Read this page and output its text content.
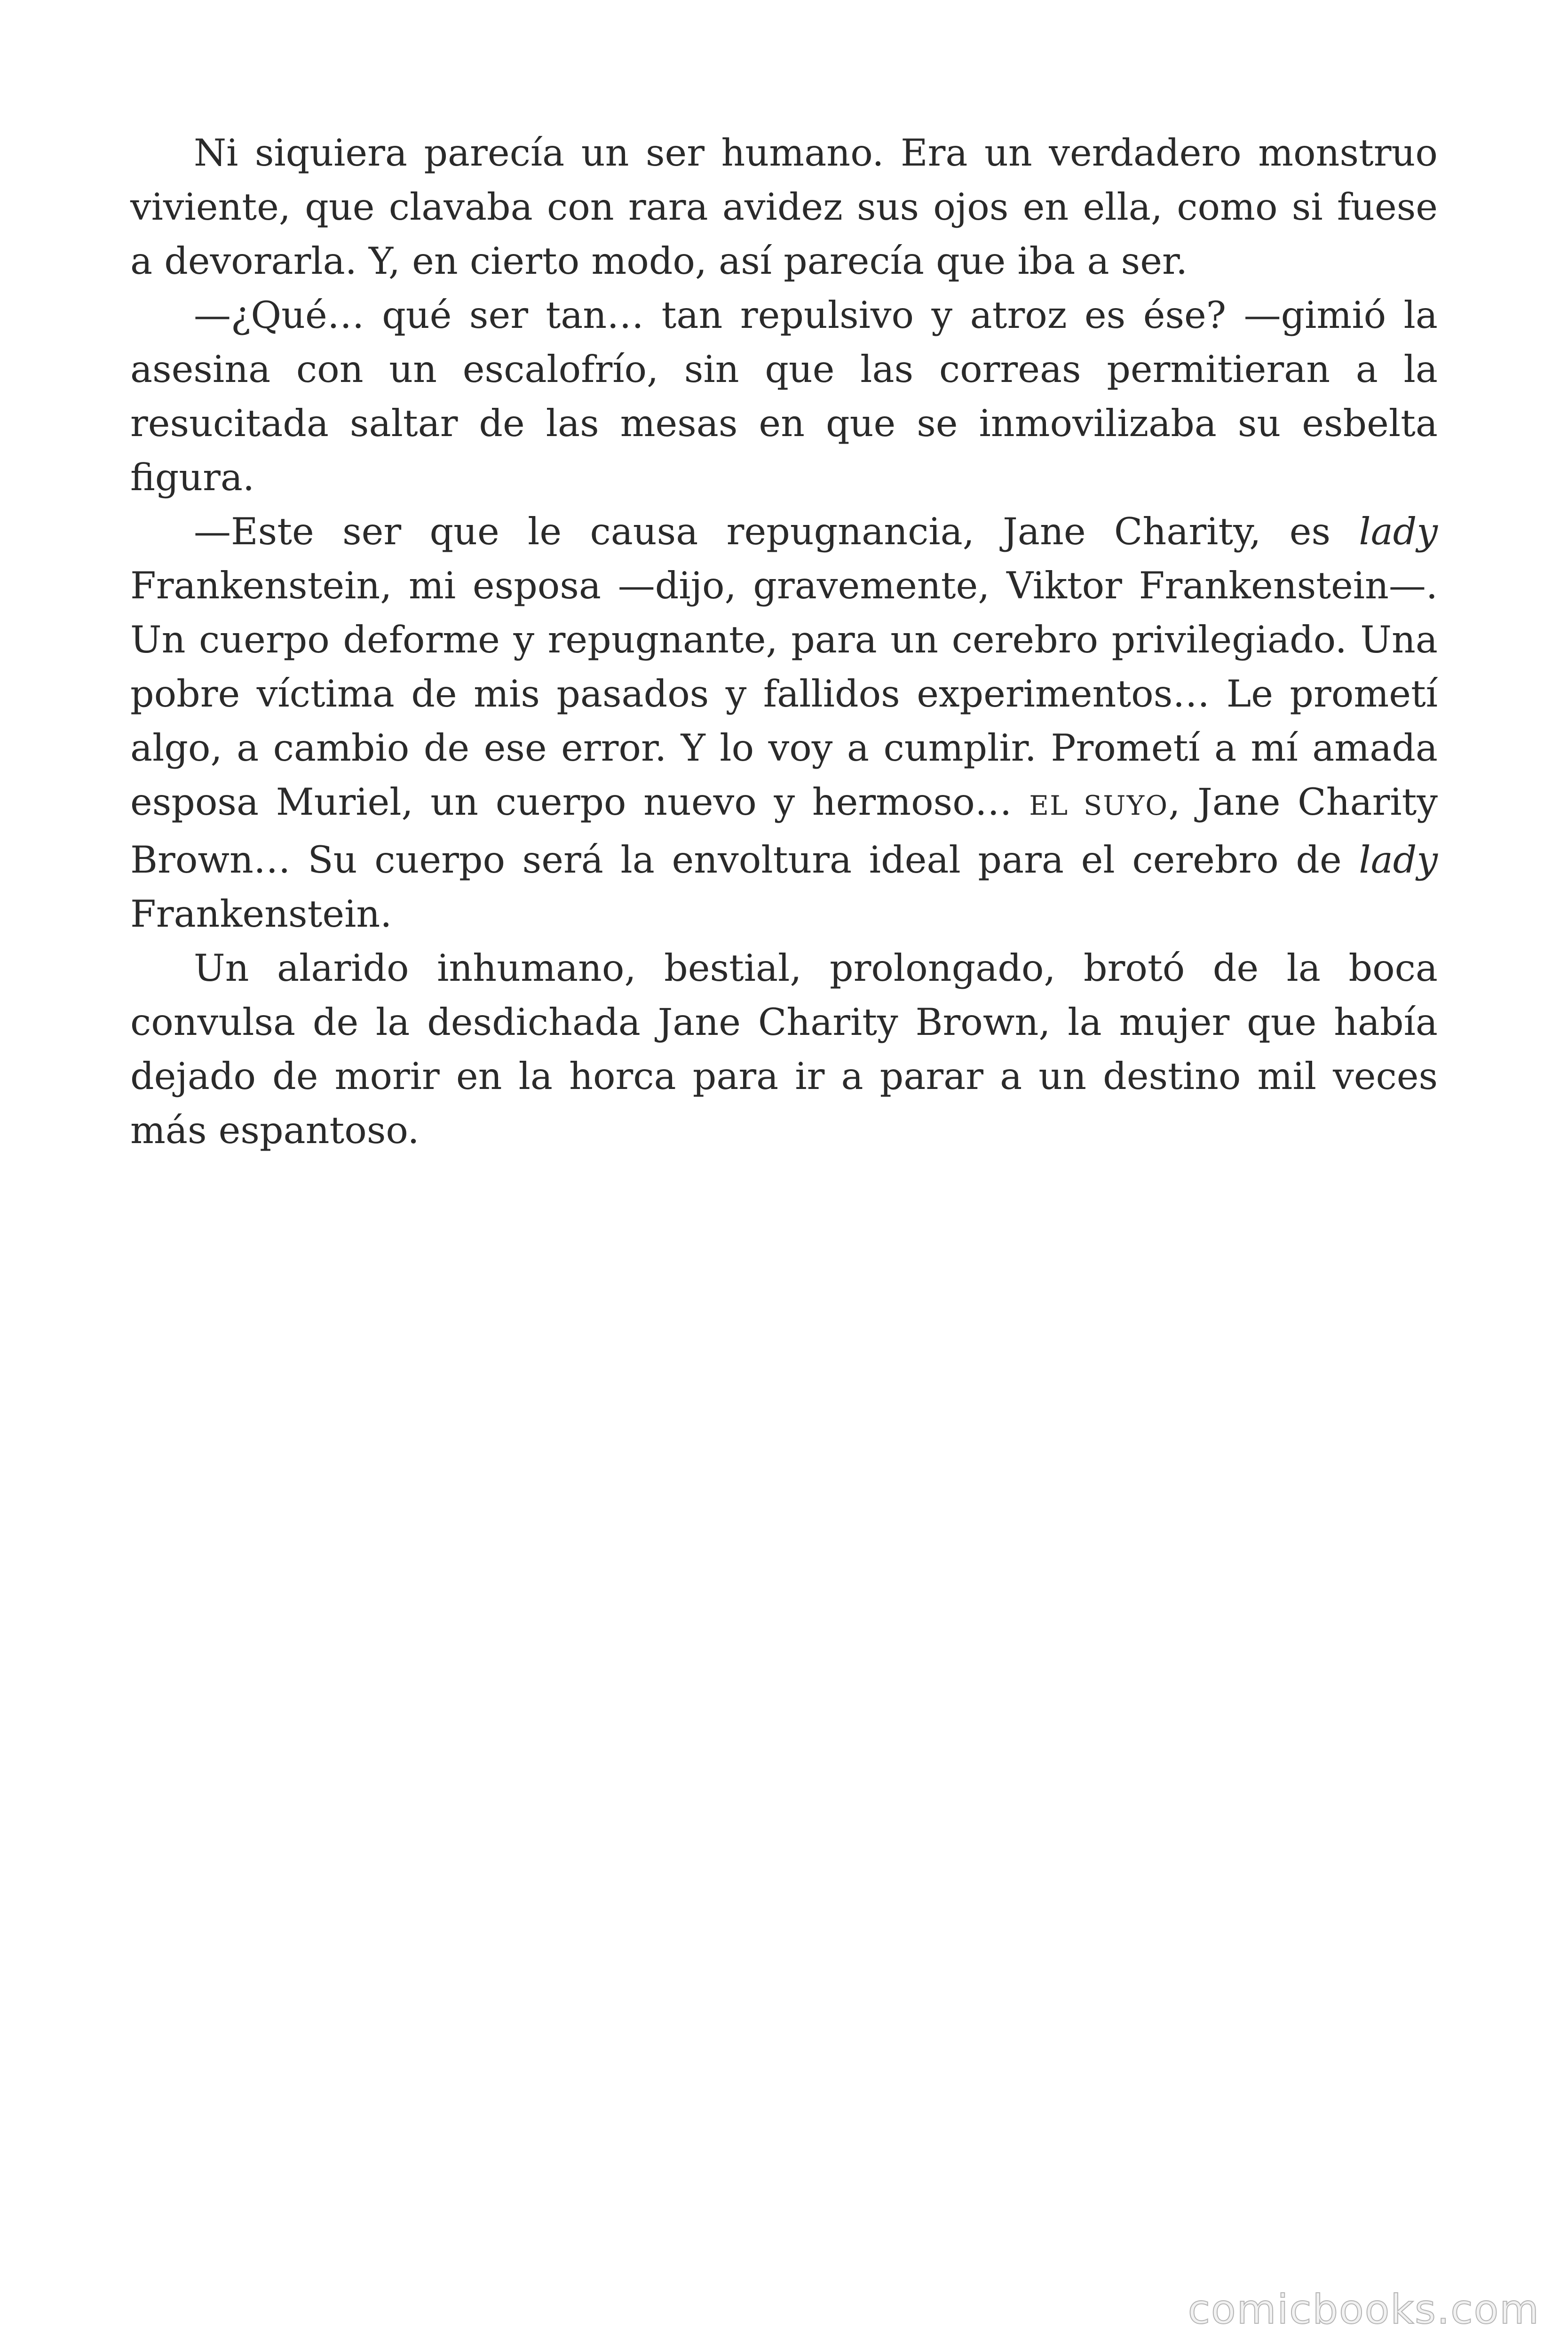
Ni siquiera parecía un ser humano. Era un verdadero monstruo viviente, que clavaba con rara avidez sus ojos en ella, como si fuese a devorarla. Y, en cierto modo, así parecía que iba a ser.

—¿Qué… qué ser tan… tan repulsivo y atroz es ése? —gimió la asesina con un escalofrío, sin que las correas permitieran a la resucitada saltar de las mesas en que se inmovilizaba su esbelta figura.

—Este ser que le causa repugnancia, Jane Charity, es lady Frankenstein, mi esposa —dijo, gravemente, Viktor Frankenstein—. Un cuerpo deforme y repugnante, para un cerebro privilegiado. Una pobre víctima de mis pasados y fallidos experimentos… Le prometí algo, a cambio de ese error. Y lo voy a cumplir. Prometí a mí amada esposa Muriel, un cuerpo nuevo y hermoso… EL SUYO, Jane Charity Brown… Su cuerpo será la envoltura ideal para el cerebro de lady Frankenstein.

Un alarido inhumano, bestial, prolongado, brotó de la boca convulsa de la desdichada Jane Charity Brown, la mujer que había dejado de morir en la horca para ir a parar a un destino mil veces más espantoso.

comicbooks.com
